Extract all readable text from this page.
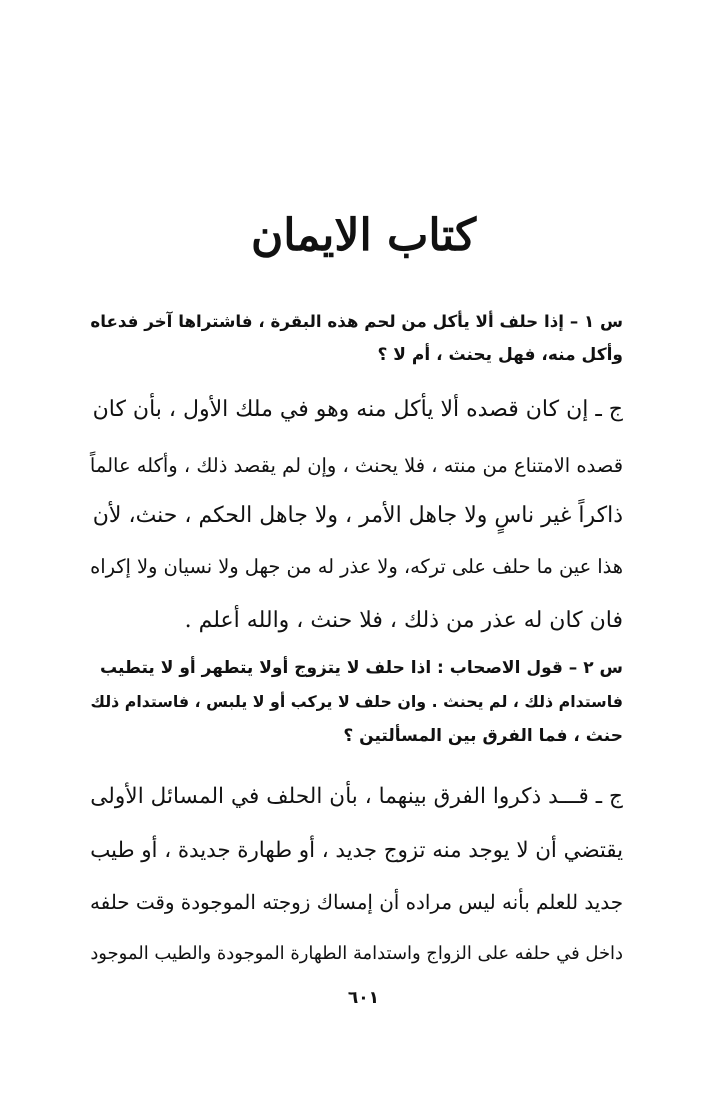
كتاب الايمان
س ١ – إذا حلف ألا يأكل من لحم هذه البقرة ، فاشتراها آخر فدعاه
وأكل منه، فهل يحنث ، أم لا ؟
ج ـ إن كان قصده ألا يأكل منه وهو في ملك الأول ، بأن كان
قصده الامتناع من منته ، فلا يحنث ، وإن لم يقصد ذلك ، وأكله عالماً
ذاكراً غير ناسٍ ولا جاهل الأمر ، ولا جاهل الحكم ، حنث، لأن
هذا عين ما حلف على تركه، ولا عذر له من جهل ولا نسيان ولا إكراه
فان كان له عذر من ذلك ، فلا حنث ، والله أعلم .
س ٢ – قول الاصحاب : اذا حلف لا يتزوج أولا يتطهر أو لا يتطيب
فاستدام ذلك ، لم يحنث . وان حلف لا يركب أو لا يلبس ، فاستدام ذلك
حنث ، فما الفرق بين المسألتين ؟
ج ـ قـــد ذكروا الفرق بينهما ، بأن الحلف في المسائل الأولى
يقتضي أن لا يوجد منه تزوج جديد ، أو طهارة جديدة ، أو طيب
جديد للعلم بأنه ليس مراده أن إمساك زوجته الموجودة وقت حلفه
داخل في حلفه على الزواج واستدامة الطهارة الموجودة والطيب الموجود
٦٠١
